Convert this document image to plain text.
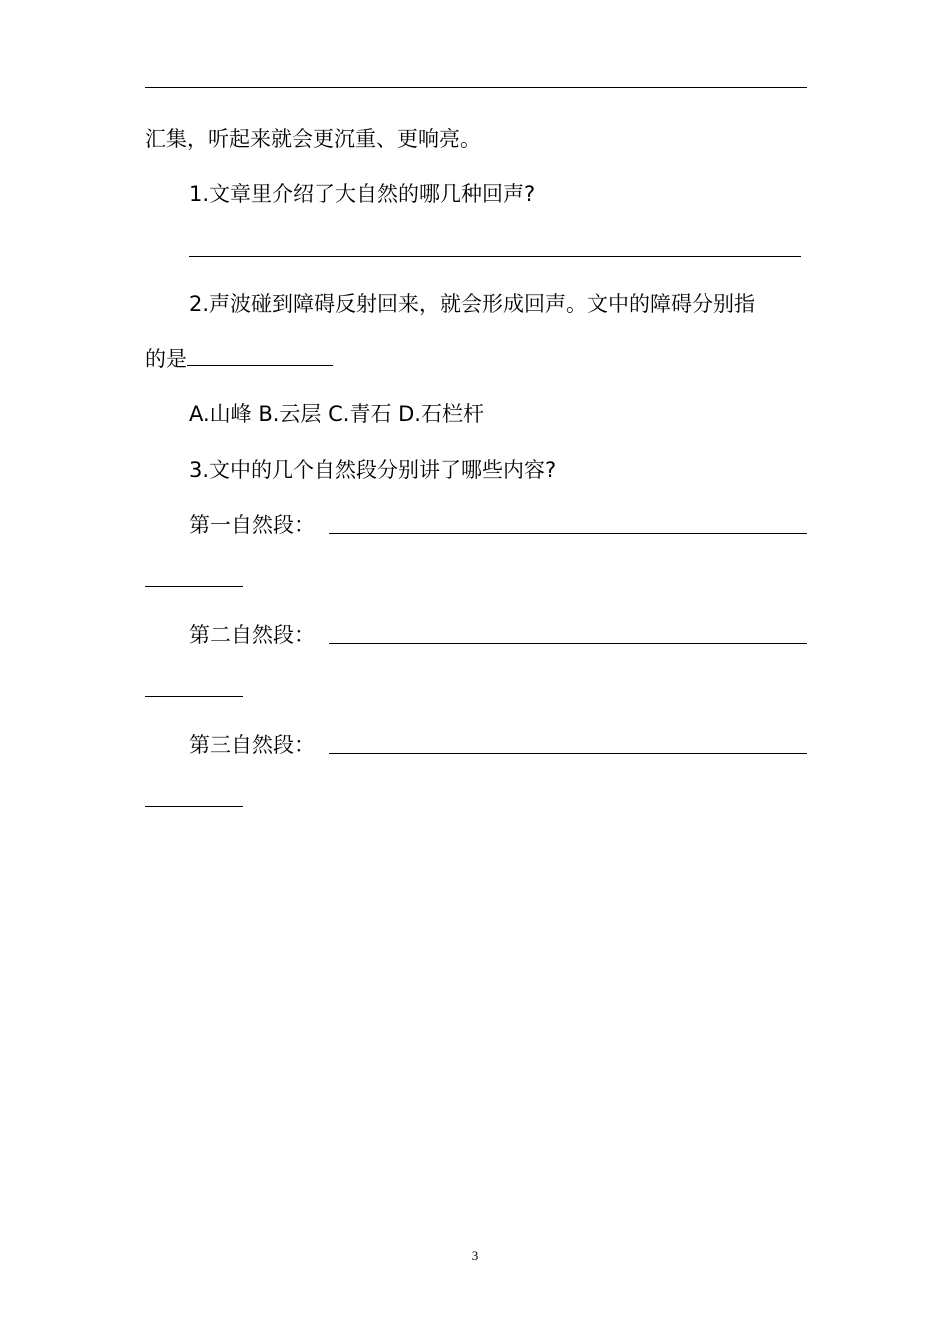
汇集，听起来就会更沉重、更响亮。
1.文章里介绍了大自然的哪几种回声?
2.声波碰到障碍反射回来，就会形成回声。文中的障碍分别指
的是
A.山峰 B.云层 C.青石 D.石栏杆
3.文中的几个自然段分别讲了哪些内容?
第一自然段：
第二自然段：
第三自然段：
3
